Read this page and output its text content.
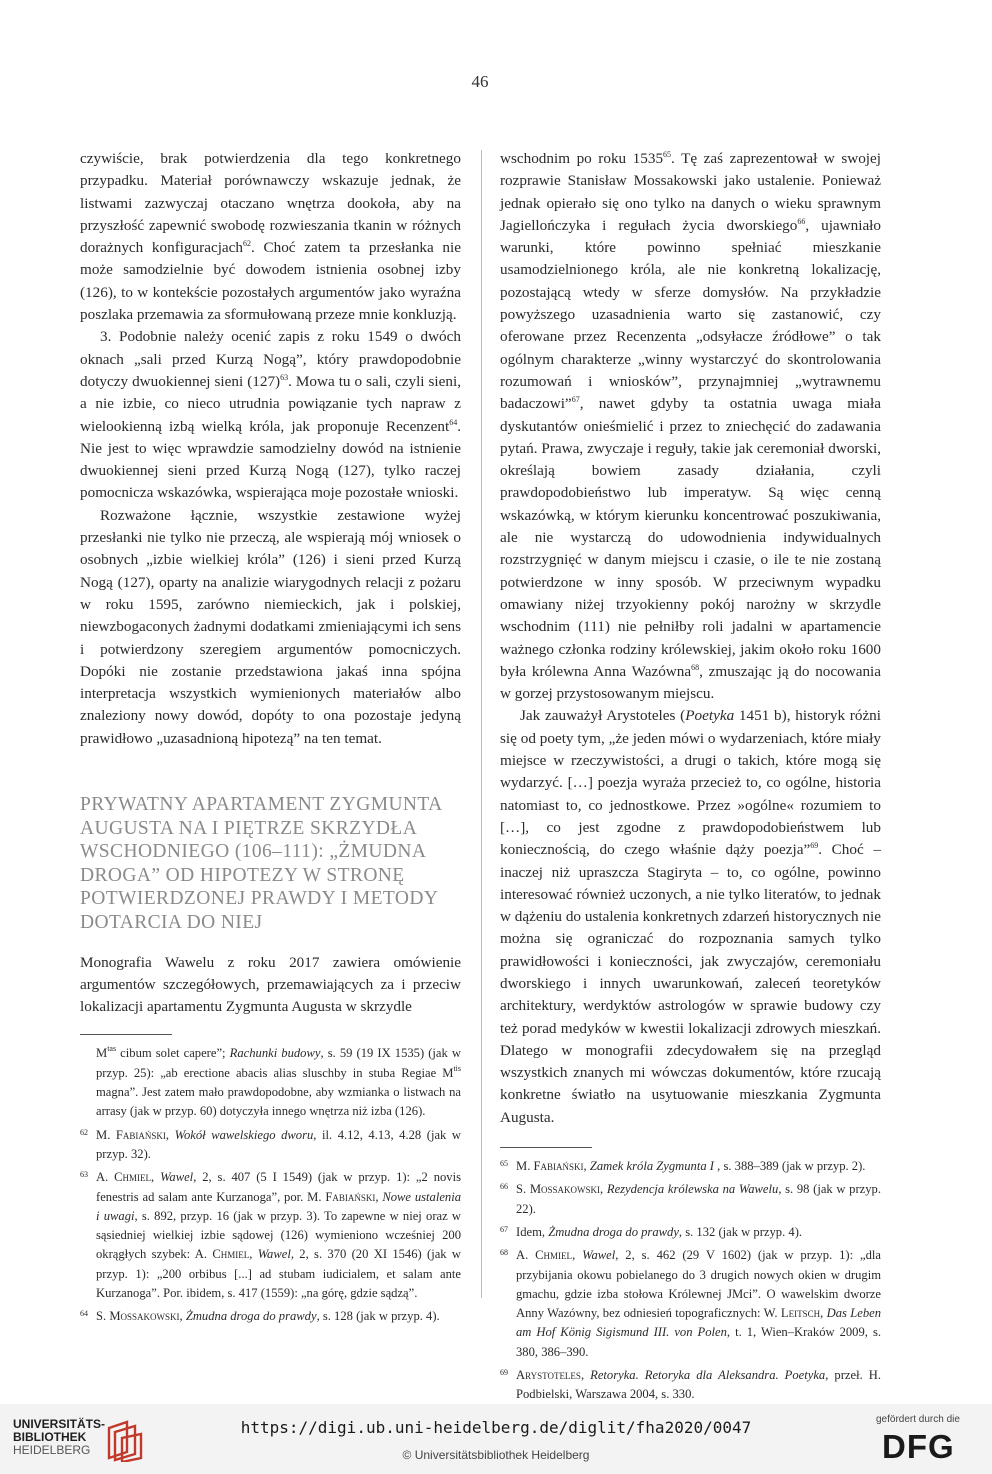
46

czywiście, brak potwierdzenia dla tego konkretnego przypadku. Materiał porównawczy wskazuje jednak, że listwami zazwyczaj otaczano wnętrza dookoła, aby na przyszłość zapewnić swobodę rozwieszania tkanin w różnych dorażnych konfiguracjach$^{62}$. Choć zatem ta przesłanka nie może samodzielnie być dowodem istnienia osobnej izby (126), to w kontekście pozostałych argumentów jako wyraźna poszlaka przemawia za sformułowaną przeze mnie konkluzją.

3. Podobnie należy ocenić zapis z roku 1549 o dwóch oknach „sali przed Kurzą Nogą”, który prawdopodobnie dotyczy dwuokiennej sieni $(127)^{63}$. Mowa tu o sali, czyli sieni, a nie izbie, co nieco utrudnia powiązanie tych napraw z wielookienną izbą wielką króla, jak proponuje Recenzent$^{64}$. Nie jest to więc wprawdzie samodzielny dowód na istnienie dwuokiennej sieni przed Kurzą Nogą (127), tylko raczej pomocnicza wskazówka, wspierająca moje pozostałe wnioski.

Rozważone łącznie, wszystkie zestawione wyżej przesłanki nie tylko nie przeczą, ale wspierają mój wniosek o osobnych „izbie wielkiej króla” (126) i sieni przed Kurzą Nogą (127), oparty na analizie wiarygodnych relacji z pożaru w roku 1595, zarówno niemieckich, jak i polskiej, niewzbogaconych żadnymi dodatkami zmieniającymi ich sens i potwierdzony szeregiem argumentów pomocniczych. Dopóki nie zostanie przedstawiona jakaś inna spójna interpretacja wszystkich wymienionych materiałów albo znaleziony nowy dowód, dopóty to ona pozostaje jedyną prawidłowo „uzasadnioną hipotezą” na ten temat.

PRYWATNY APARTAMENT ZYGMUNTA AUGUSTA NA I PIĘTRZE SKRZYDŁA WSCHODNIEGO (106–111): „ŻMUDNA DROGA” OD HIPOTEZY W STRONĘ POTWIERDZONEJ PRAWDY I METODY DOTARCIA DO NIEJ

Monografia Wawelu z roku 2017 zawiera omówienie argumentów szczegółowych, przemawiających za i przeciw lokalizacji apartamentu Zygmunta Augusta w skrzydle

$M^{tas}$ cibum solet capere”; Rachunki budowy, s. 59 (19 IX 1535) (jak w przyp. 25): „ab erectione abacis alias sluschby in stuba Regiae $M^{tis}$ magna”. Jest zatem mało prawdopodobne, aby wzmianka o listwach na arrasy (jak w przyp. 60) dotyczyła innego wnętrza niż izba (126).
62 M. Fabiański, Wokół wawelskiego dworu, il. 4.12, 4.13, 4.28 (jak w przyp. 32).
63 A. Chmiel, Wawel, 2, s. 407 (5 I 1549) (jak w przyp. 1): „2 novis fenestris ad salam ante Kurzanoga”, por. M. Fabiański, Nowe ustalenia i uwagi, s. 892, przyp. 16 (jak w przyp. 3). To zapewne w niej oraz w sąsiedniej wielkiej izbie sądowej (126) wymieniono wcześniej 200 okrągłych szybek: A. Chmiel, Wawel, 2, s. 370 (20 XI 1546) (jak w przyp. 1): „200 orbibus [...] ad stubam iudicialem, et salam ante Kurzanoga”. Por. ibidem, s. 417 (1559): „na górę, gdzie sądzą”.
64 S. Mossakowski, Żmudna droga do prawdy, s. 128 (jak w przyp. 4).

wschodnim po roku 1535$^{65}$. Tę zaś zaprezentował w swojej rozprawie Stanisław Mossakowski jako ustalenie. Ponieważ jednak opierało się ono tylko na danych o wieku sprawnym Jagiellończyka i regułach życia dworskiego$^{66}$, ujawniało warunki, które powinno spełniać mieszkanie usamodzielnionego króla, ale nie konkretną lokalizację, pozostającą wtedy w sferze domysłów. Na przykładzie powyższego uzasadnienia warto się zastanowić, czy oferowane przez Recenzenta „odsyłacze źródłowe” o tak ogólnym charakterze „winny wystarczyć do skontrolowania rozumowań i wniosków”, przynajmniej „wytrawnemu badaczowi”$^{67}$, nawet gdyby ta ostatnia uwaga miała dyskutantów onieśmielić i przez to zniechęcić do zadawania pytań. Prawa, zwyczaje i reguły, takie jak ceremoniał dworski, określają bowiem zasady działania, czyli prawdopodobieństwo lub imperatyw. Są więc cenną wskazówką, w którym kierunku koncentrować poszukiwania, ale nie wystarczą do udowodnienia indywidualnych rozstrzygnięć w danym miejscu i czasie, o ile te nie zostaną potwierdzone w inny sposób. W przeciwnym wypadku omawiany niżej trzyokienny pokój narożny w skrzydle wschodnim (111) nie pełniłby roli jadalni w apartamencie ważnego członka rodziny królewskiej, jakim około roku 1600 była królewna Anna Wazówna$^{68}$, zmuszając ją do nocowania w gorzej przystosowanym miejscu.

Jak zauważył Arystoteles (Poetyka 1451 b), historyk różni się od poety tym, „że jeden mówi o wydarzeniach, które miały miejsce w rzeczywistości, a drugi o takich, które mogą się wydarzyć. […] poezja wyraża przecież to, co ogólne, historia natomiast to, co jednostkowe. Przez »ogólne« rozumiem to […], co jest zgodne z prawdopodobieństwem lub koniecznością, do czego właśnie dąży poezja”$^{69}$. Choć – inaczej niż upraszcza Stagiryta – to, co ogólne, powinno interesować również uczonych, a nie tylko literatów, to jednak w dążeniu do ustalenia konkretnych zdarzeń historycznych nie można się ograniczać do rozpoznania samych tylko prawidłowości i konieczności, jak zwyczajów, ceremoniału dworskiego i innych uwarunkowań, zaleceń teoretyków architektury, werdyktów astrologów w sprawie budowy czy też porad medyków w kwestii lokalizacji zdrowych mieszkań. Dlatego w monografii zdecydowałem się na przegląd wszystkich znanych mi wówczas dokumentów, które rzucają konkretne światło na usytuowanie mieszkania Zygmunta Augusta.

65 M. Fabiański, Zamek króla Zygmunta I , s. 388–389 (jak w przyp. 2).
66 S. Mossakowski, Rezydencja królewska na Wawelu, s. 98 (jak w przyp. 22).
67 Idem, Żmudna droga do prawdy, s. 132 (jak w przyp. 4).
68 A. Chmiel, Wawel, 2, s. 462 (29 V 1602) (jak w przyp. 1): „dla przybijania okowu pobielanego do 3 drugich nowych okien w drugim gmachu, gdzie izba stołowa Królewnej JMci”. O wawelskim dworze Anny Wazówny, bez odniesień topograficznych: W. Leitsch, Das Leben am Hof König Sigismund III. von Polen, t. 1, Wien–Kraków 2009, s. 380, 386–390.
69 Arystoteles, Retoryka. Retoryka dla Aleksandra. Poetyka, przeł. H. Podbielski, Warszawa 2004, s. 330.
UNIVERSITÄTS-
BIBLIOTHEK
HEIDELBERG
https://digi.ub.uni-heidelberg.de/diglit/fha2020/0047
© Universitätsbibliothek Heidelberg
gefördert durch die
DFG
